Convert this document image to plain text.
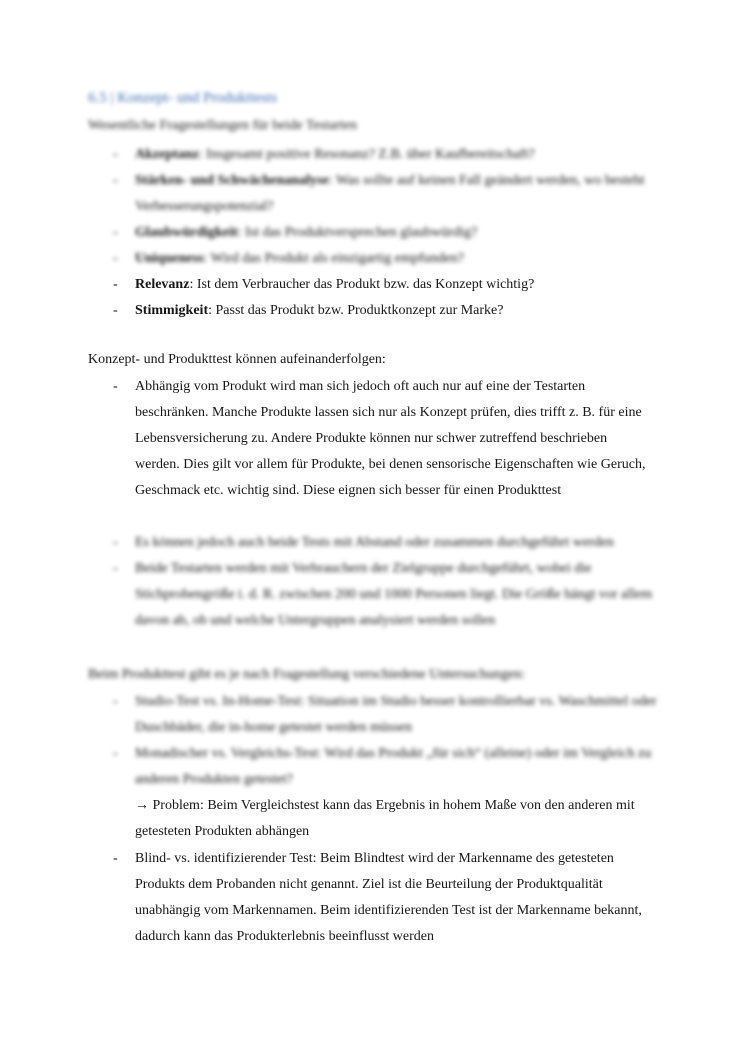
6.5 | Konzept- und Produkttests
Wesentliche Fragestellungen für beide Testarten
- Akzeptanz: Insgesamt positive Resonanz? Z.B. über Kaufbereitschaft?
- Stärken- und Schwächenanalyse: Was sollte auf keinen Fall geändert werden, wo besteht Verbesserungspotenzial?
- Glaubwürdigkeit: Ist das Produktversprechen glaubwürdig?
- Uniqueness: Wird das Produkt als einzigartig empfunden?
- Relevanz: Ist dem Verbraucher das Produkt bzw. das Konzept wichtig?
- Stimmigkeit: Passt das Produkt bzw. Produktkonzept zur Marke?
Konzept- und Produkttest können aufeinanderfolgen:
- Abhängig vom Produkt wird man sich jedoch oft auch nur auf eine der Testarten beschränken. Manche Produkte lassen sich nur als Konzept prüfen, dies trifft z. B. für eine Lebensversicherung zu. Andere Produkte können nur schwer zutreffend beschrieben werden. Dies gilt vor allem für Produkte, bei denen sensorische Eigenschaften wie Geruch, Geschmack etc. wichtig sind. Diese eignen sich besser für einen Produkttest
- Es können jedoch auch beide Tests mit Abstand oder zusammen durchgeführt werden
- Beide Testarten werden mit Verbrauchern der Zielgruppe durchgeführt, wobei die Stichprobengröße i. d. R. zwischen 200 und 1000 Personen liegt. Die Größe hängt vor allem davon ab, ob und welche Untergruppen analysiert werden sollen
Beim Produkttest gibt es je nach Fragestellung verschiedene Untersuchungen:
- Studio-Test vs. In-Home-Test: Situation im Studio besser kontrollierbar vs. Waschmittel oder Duschbäder, die in-home getestet werden müssen
- Monadischer vs. Vergleichs-Test: Wird das Produkt „für sich“ (alleine) oder im Vergleich zu anderen Produkten getestet?
→ Problem: Beim Vergleichstest kann das Ergebnis in hohem Maße von den anderen mit getesteten Produkten abhängen
- Blind- vs. identifizierender Test: Beim Blindtest wird der Markenname des getesteten Produkts dem Probanden nicht genannt. Ziel ist die Beurteilung der Produktqualität unabhängig vom Markennamen. Beim identifizierenden Test ist der Markenname bekannt, dadurch kann das Produkterlebnis beeinflusst werden
